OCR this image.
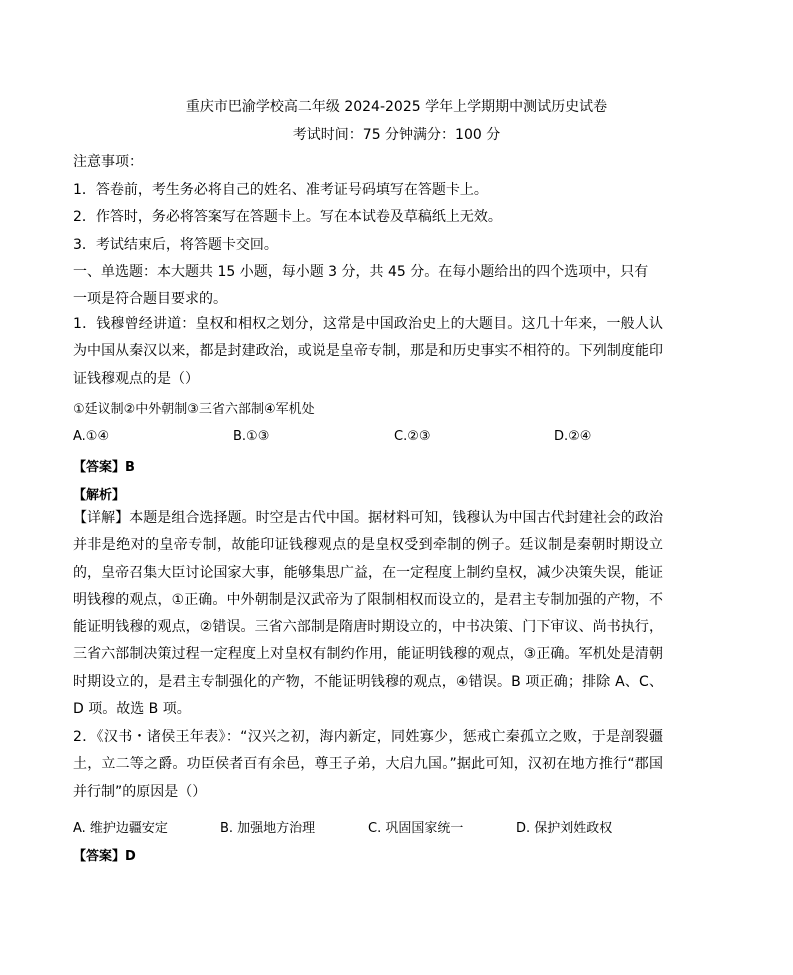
重庆市巴渝学校高二年级 2024-2025 学年上学期期中测试历史试卷
考试时间：75 分钟满分：100 分
注意事项：
1．答卷前，考生务必将自己的姓名、准考证号码填写在答题卡上。
2．作答时，务必将答案写在答题卡上。写在本试卷及草稿纸上无效。
3．考试结束后，将答题卡交回。
一、单选题：本大题共 15 小题，每小题 3 分，共 45 分。在每小题给出的四个选项中，只有
一项是符合题目要求的。
1．钱穆曾经讲道：皇权和相权之划分，这常是中国政治史上的大题目。这几十年来，一般人认为中国从秦汉以来，都是封建政治，或说是皇帝专制，那是和历史事实不相符的。下列制度能印证钱穆观点的是（）
①廷议制②中外朝制③三省六部制④军机处
A.①④	B.①③	C.②③	D.②④
【答案】B
【解析】
【详解】本题是组合选择题。时空是古代中国。据材料可知，钱穆认为中国古代封建社会的政治并非是绝对的皇帝专制，故能印证钱穆观点的是皇权受到牵制的例子。廷议制是秦朝时期设立的，皇帝召集大臣讨论国家大事，能够集思广益，在一定程度上制约皇权，减少决策失误，能证明钱穆的观点，①正确。中外朝制是汉武帝为了限制相权而设立的，是君主专制加强的产物，不能证明钱穆的观点，②错误。三省六部制是隋唐时期设立的，中书决策、门下审议、尚书执行，三省六部制决策过程一定程度上对皇权有制约作用，能证明钱穆的观点，③正确。军机处是清朝时期设立的，是君主专制强化的产物，不能证明钱穆的观点，④错误。B 项正确；排除 A、C、D 项。故选 B 项。
2．《汉书・诸侯王年表》：“汉兴之初，海内新定，同姓寡少，惩戒亡秦孤立之败，于是剖裂疆土，立二等之爵。功臣侯者百有余邑，尊王子弟，大启九国。”据此可知，汉初在地方推行“郡国并行制”的原因是（）
A. 维护边疆安定	B. 加强地方治理	C. 巩固国家统一	D. 保护刘姓政权
【答案】D
